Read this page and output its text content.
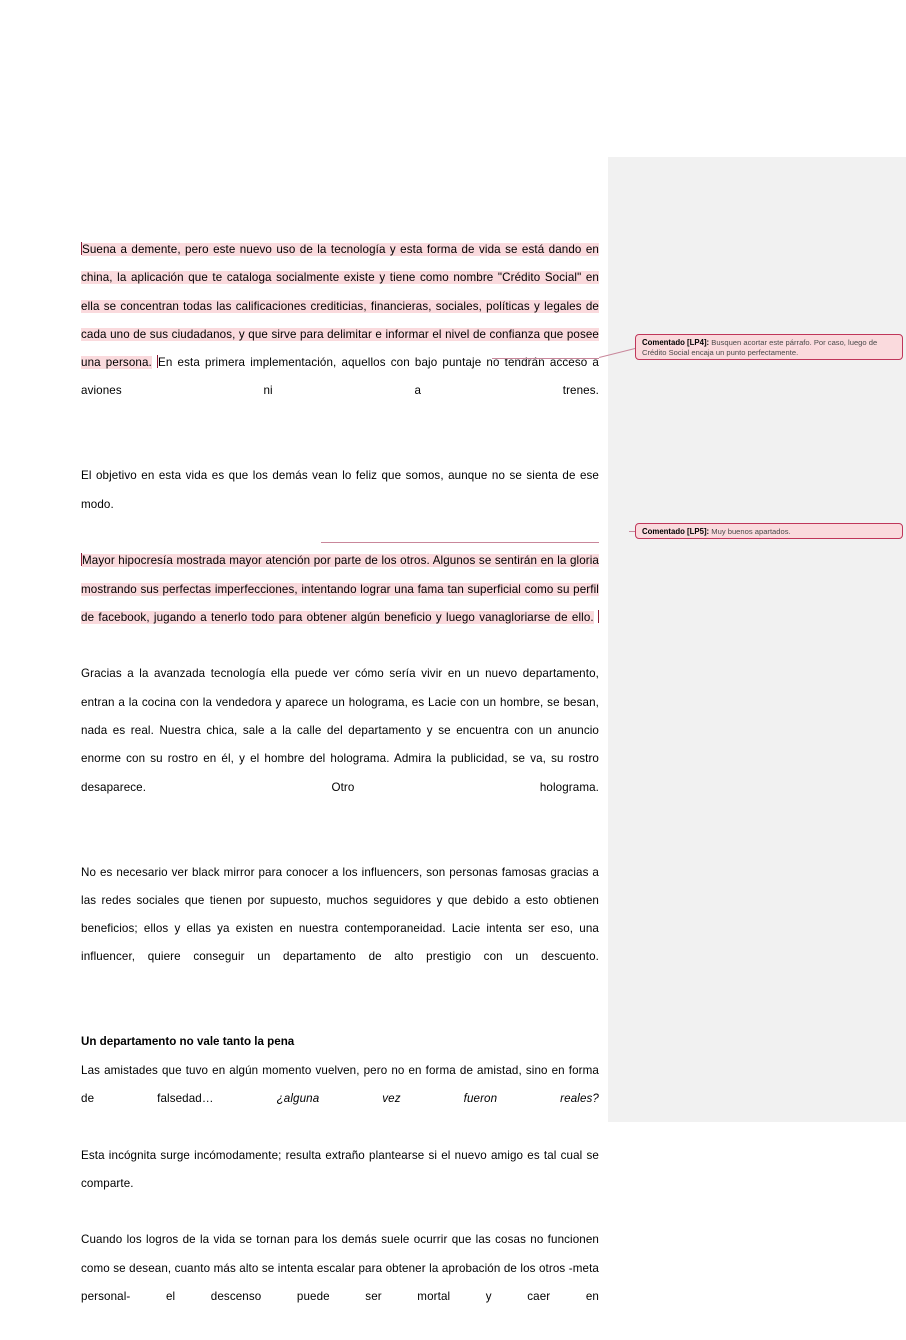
Suena a demente, pero este nuevo uso de la tecnología y esta forma de vida se está dando en china, la aplicación que te cataloga socialmente existe y tiene como nombre "Crédito Social" en ella se concentran todas las calificaciones crediticias, financieras, sociales, políticas y legales de cada uno de sus ciudadanos, y que sirve para delimitar e informar el nivel de confianza que posee una persona. En esta primera implementación, aquellos con bajo puntaje no tendrán acceso a aviones ni a trenes.

El objetivo en esta vida es que los demás vean lo feliz que somos, aunque no se sienta de ese modo.

Mayor hipocresía mostrada mayor atención por parte de los otros. Algunos se sentirán en la gloria mostrando sus perfectas imperfecciones, intentando lograr una fama tan superficial como su perfil de facebook, jugando a tenerlo todo para obtener algún beneficio y luego vanagloriarse de ello.

Gracias a la avanzada tecnología ella puede ver cómo sería vivir en un nuevo departamento, entran a la cocina con la vendedora y aparece un holograma, es Lacie con un hombre, se besan, nada es real. Nuestra chica, sale a la calle del departamento y se encuentra con un anuncio enorme con su rostro en él, y el hombre del holograma. Admira la publicidad, se va, su rostro desaparece. Otro holograma.

No es necesario ver black mirror para conocer a los influencers, son personas famosas gracias a las redes sociales que tienen por supuesto, muchos seguidores y que debido a esto obtienen beneficios; ellos y ellas ya existen en nuestra contemporaneidad. Lacie intenta ser eso, una influencer, quiere conseguir un departamento de alto prestigio con un descuento.

Un departamento no vale tanto la pena

Las amistades que tuvo en algún momento vuelven, pero no en forma de amistad, sino en forma de falsedad… ¿alguna vez fueron reales?

Esta incógnita surge incómodamente; resulta extraño plantearse si el nuevo amigo es tal cual se comparte.

Cuando los logros de la vida se tornan para los demás suele ocurrir que las cosas no funcionen como se desean, cuanto más alto se intenta escalar para obtener la aprobación de los otros -meta personal- el descenso puede ser mortal y caer en

Comentado [LP4]: Busquen acortar este párrafo. Por caso, luego de Crédito Social encaja un punto perfectamente.
Comentado [LP5]: Muy buenos apartados.
